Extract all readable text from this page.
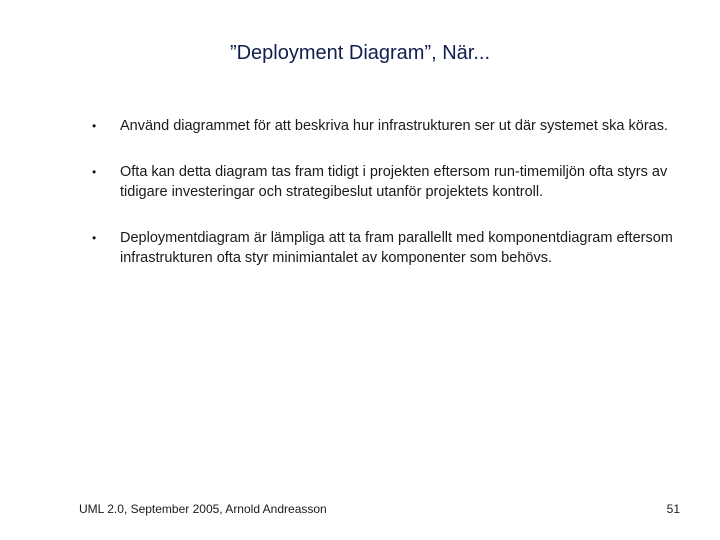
”Deployment Diagram”, När...
•	Använd diagrammet för att beskriva hur infrastrukturen ser ut där systemet ska köras.
•	Ofta kan detta diagram tas fram tidigt i projekten eftersom run-timemiljön ofta styrs av tidigare investeringar och strategibeslut utanför projektets kontroll.
•	Deploymentdiagram är lämpliga att ta fram parallellt med komponentdiagram eftersom infrastrukturen ofta styr minimiantalet av komponenter som behövs.
UML 2.0, September 2005, Arnold Andreasson	51
